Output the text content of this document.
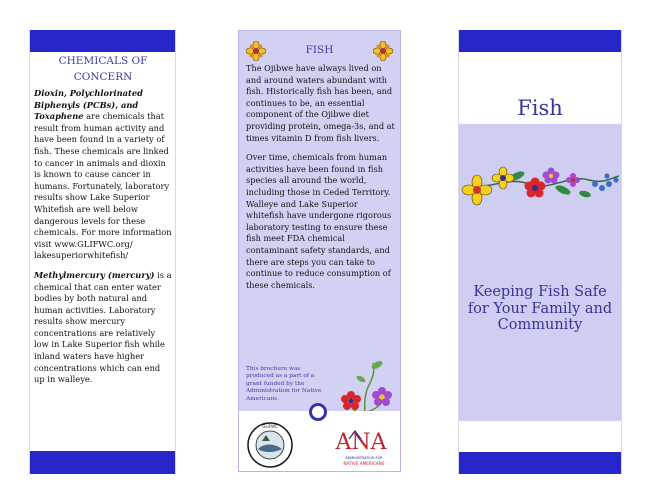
CHEMICALS OF CONCERN

Dioxin, Polychlorinated Biphenyls (PCBs), and Toxaphene are chemicals that result from human activity and have been found in a variety of fish. These chemicals are linked to cancer in animals and dioxin is known to cause cancer in humans. Fortunately, laboratory results show Lake Superior Whitefish are well below dangerous levels for these chemicals. For more information visit www.GLIFWC.org/ lakesuperiorwhitefish/

Methylmercury (mercury) is a chemical that can enter water bodies by both natural and human activities. Laboratory results show mercury concentrations are relatively low in Lake Superior fish while inland waters have higher concentrations which can end up in walleye.

FISH

The Ojibwe have always lived on and around waters abundant with fish. Historically fish has been, and continues to be, an essential component of the Ojibwe diet providing protein, omega-3s, and at times vitamin D from fish livers.

Over time, chemicals from human activities have been found in fish species all around the world, including those in Ceded Territory. Walleye and Lake Superior whitefish have undergone rigorous laboratory testing to ensure these fish meet FDA chemical contaminant safety standards, and there are steps you can take to continue to reduce consumption of these chemicals.

This brochure was produced as a part of a grant funded by the Administration for Native Americans.
GLIFWC
ANA
ADMINISTRATION FOR
NATIVE AMERICANS
Fish
Keeping Fish Safe for Your Family and Community
